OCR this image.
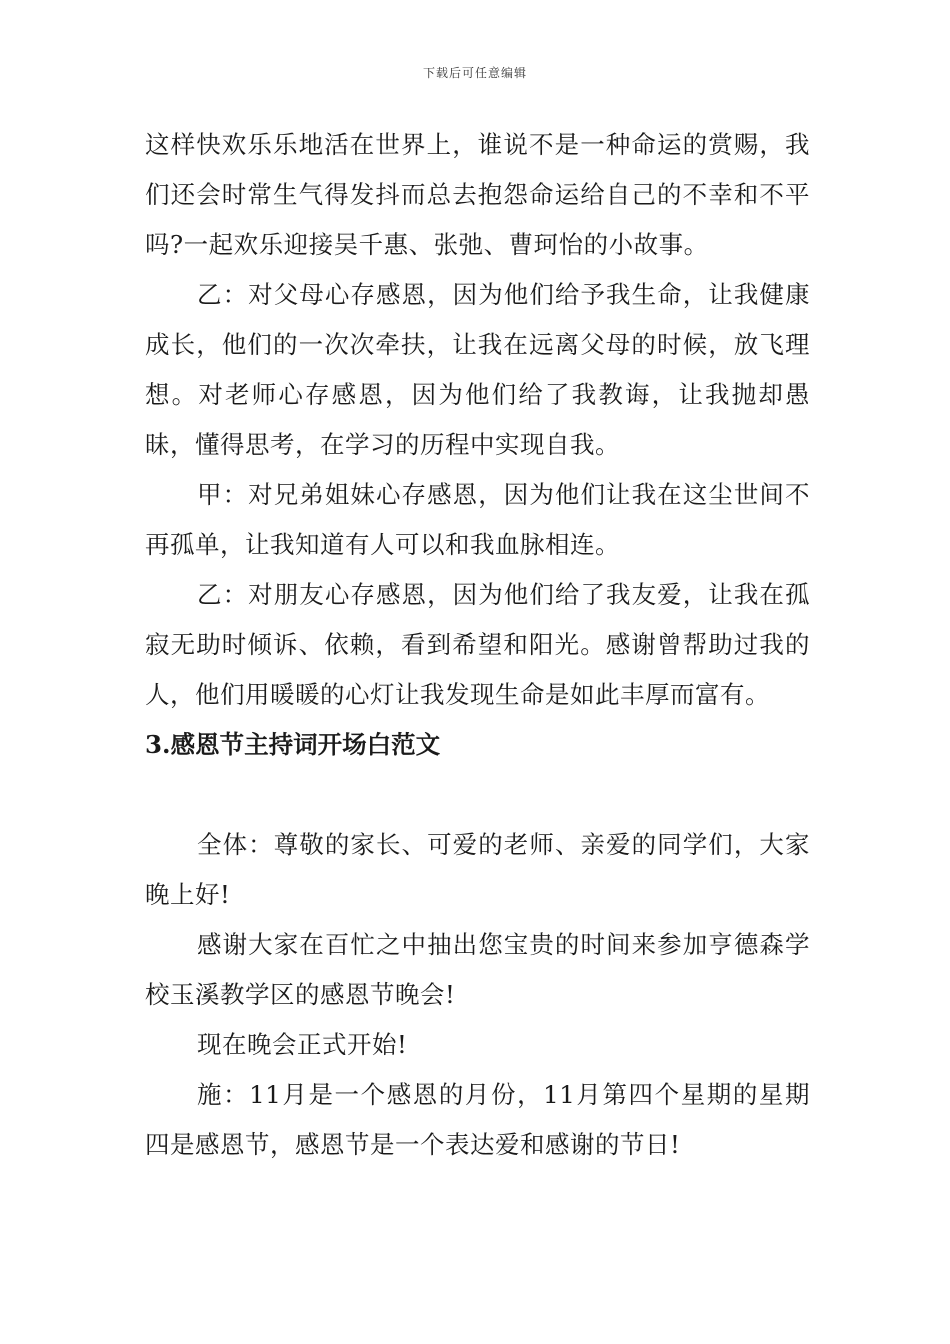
下载后可任意编辑

这样快欢乐乐地活在世界上，谁说不是一种命运的赏赐，我们还会时常生气得发抖而总去抱怨命运给自己的不幸和不平吗?一起欢乐迎接吴千惠、张弛、曹珂怡的小故事。

乙：对父母心存感恩，因为他们给予我生命，让我健康成长，他们的一次次牵扶，让我在远离父母的时候，放飞理想。对老师心存感恩，因为他们给了我教诲，让我抛却愚昧，懂得思考，在学习的历程中实现自我。

甲：对兄弟姐妹心存感恩，因为他们让我在这尘世间不再孤单，让我知道有人可以和我血脉相连。

乙：对朋友心存感恩，因为他们给了我友爱，让我在孤寂无助时倾诉、依赖，看到希望和阳光。感谢曾帮助过我的人，他们用暖暖的心灯让我发现生命是如此丰厚而富有。

3.感恩节主持词开场白范文

全体：尊敬的家长、可爱的老师、亲爱的同学们，大家晚上好!

感谢大家在百忙之中抽出您宝贵的时间来参加亨德森学校玉溪教学区的感恩节晚会!

现在晚会正式开始!

施：11月是一个感恩的月份，11月第四个星期的星期四是感恩节，感恩节是一个表达爱和感谢的节日!
